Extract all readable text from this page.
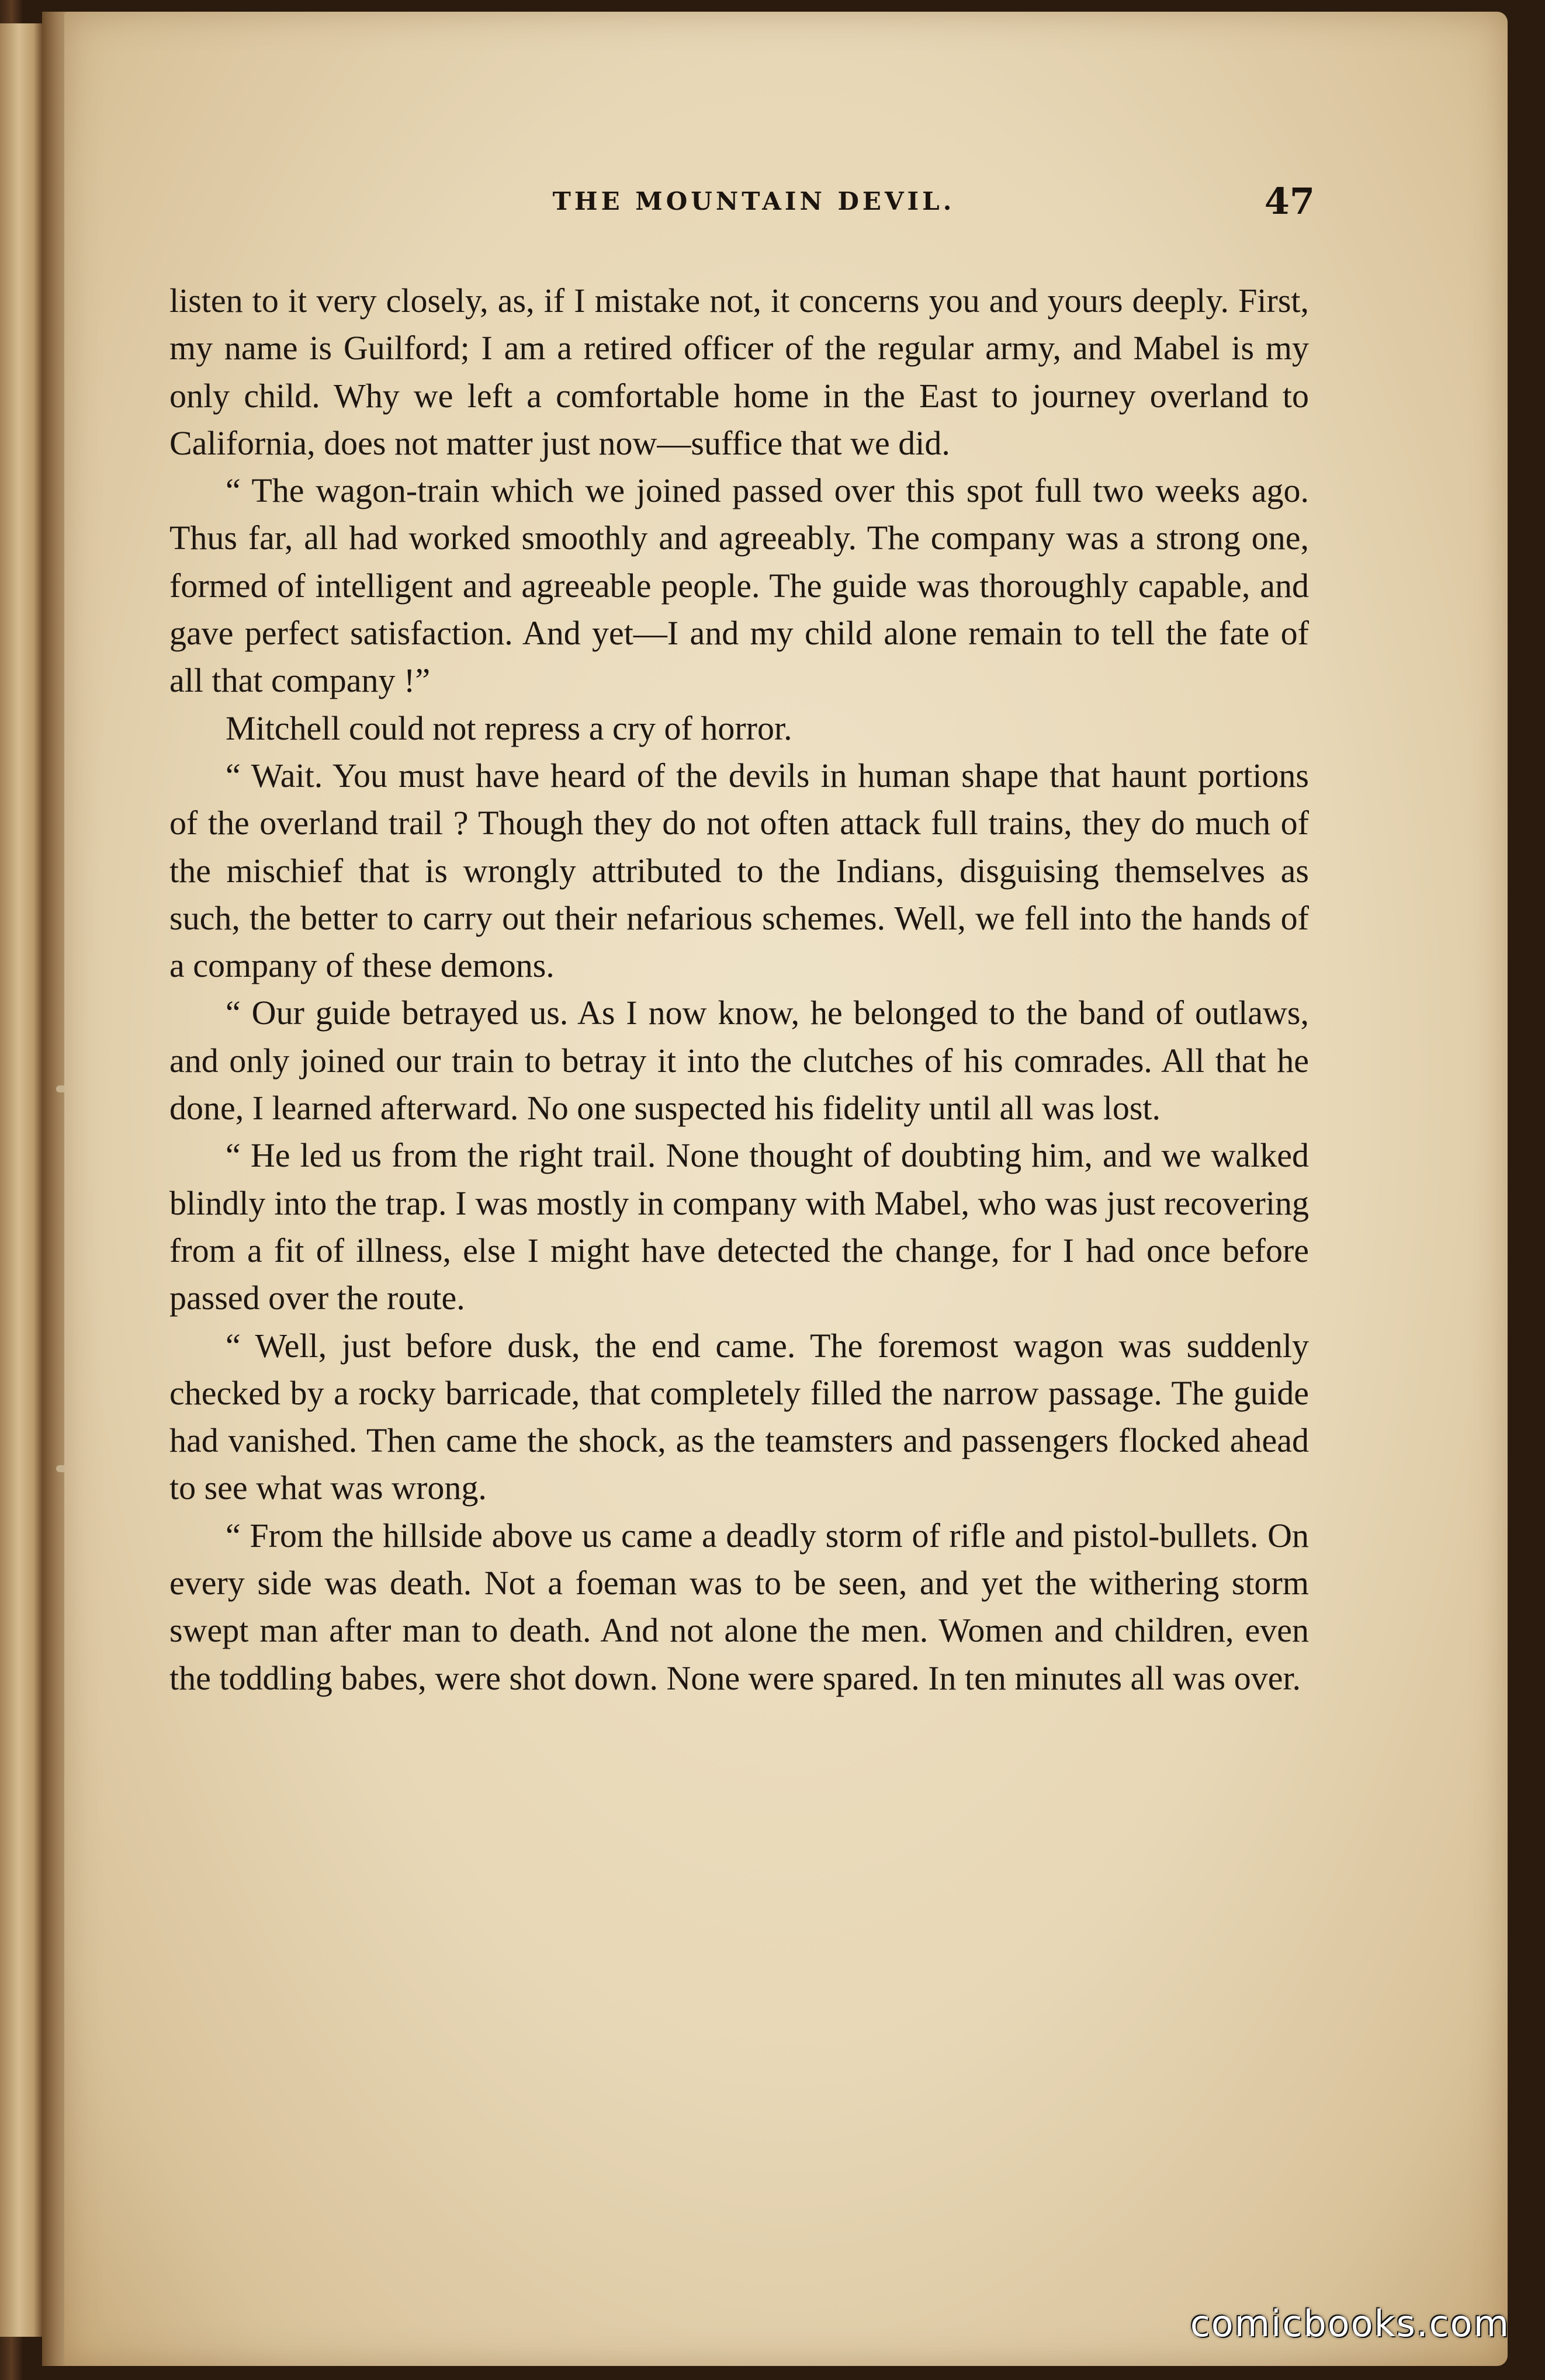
THE MOUNTAIN DEVIL.	47

listen to it very closely, as, if I mistake not, it concerns you and yours deeply. First, my name is Guilford; I am a retired officer of the regular army, and Mabel is my only child. Why we left a comfortable home in the East to journey overland to California, does not matter just now—suffice that we did.

“ The wagon-train which we joined passed over this spot full two weeks ago. Thus far, all had worked smoothly and agreeably. The company was a strong one, formed of intelligent and agreeable people. The guide was thoroughly capable, and gave perfect satisfaction. And yet—I and my child alone remain to tell the fate of all that company !”

Mitchell could not repress a cry of horror.

“ Wait. You must have heard of the devils in human shape that haunt portions of the overland trail ? Though they do not often attack full trains, they do much of the mischief that is wrongly attributed to the Indians, disguising themselves as such, the better to carry out their nefarious schemes. Well, we fell into the hands of a company of these demons.

“ Our guide betrayed us. As I now know, he belonged to the band of outlaws, and only joined our train to betray it into the clutches of his comrades. All that he done, I learned afterward. No one suspected his fidelity until all was lost.

“ He led us from the right trail. None thought of doubting him, and we walked blindly into the trap. I was mostly in company with Mabel, who was just recovering from a fit of illness, else I might have detected the change, for I had once before passed over the route.

“ Well, just before dusk, the end came. The foremost wagon was suddenly checked by a rocky barricade, that completely filled the narrow passage. The guide had vanished. Then came the shock, as the teamsters and passengers flocked ahead to see what was wrong.

“ From the hillside above us came a deadly storm of rifle and pistol-bullets. On every side was death. Not a foeman was to be seen, and yet the withering storm swept man after man to death. And not alone the men. Women and children, even the toddling babes, were shot down. None were spared. In ten minutes all was over.

comicbooks.com
